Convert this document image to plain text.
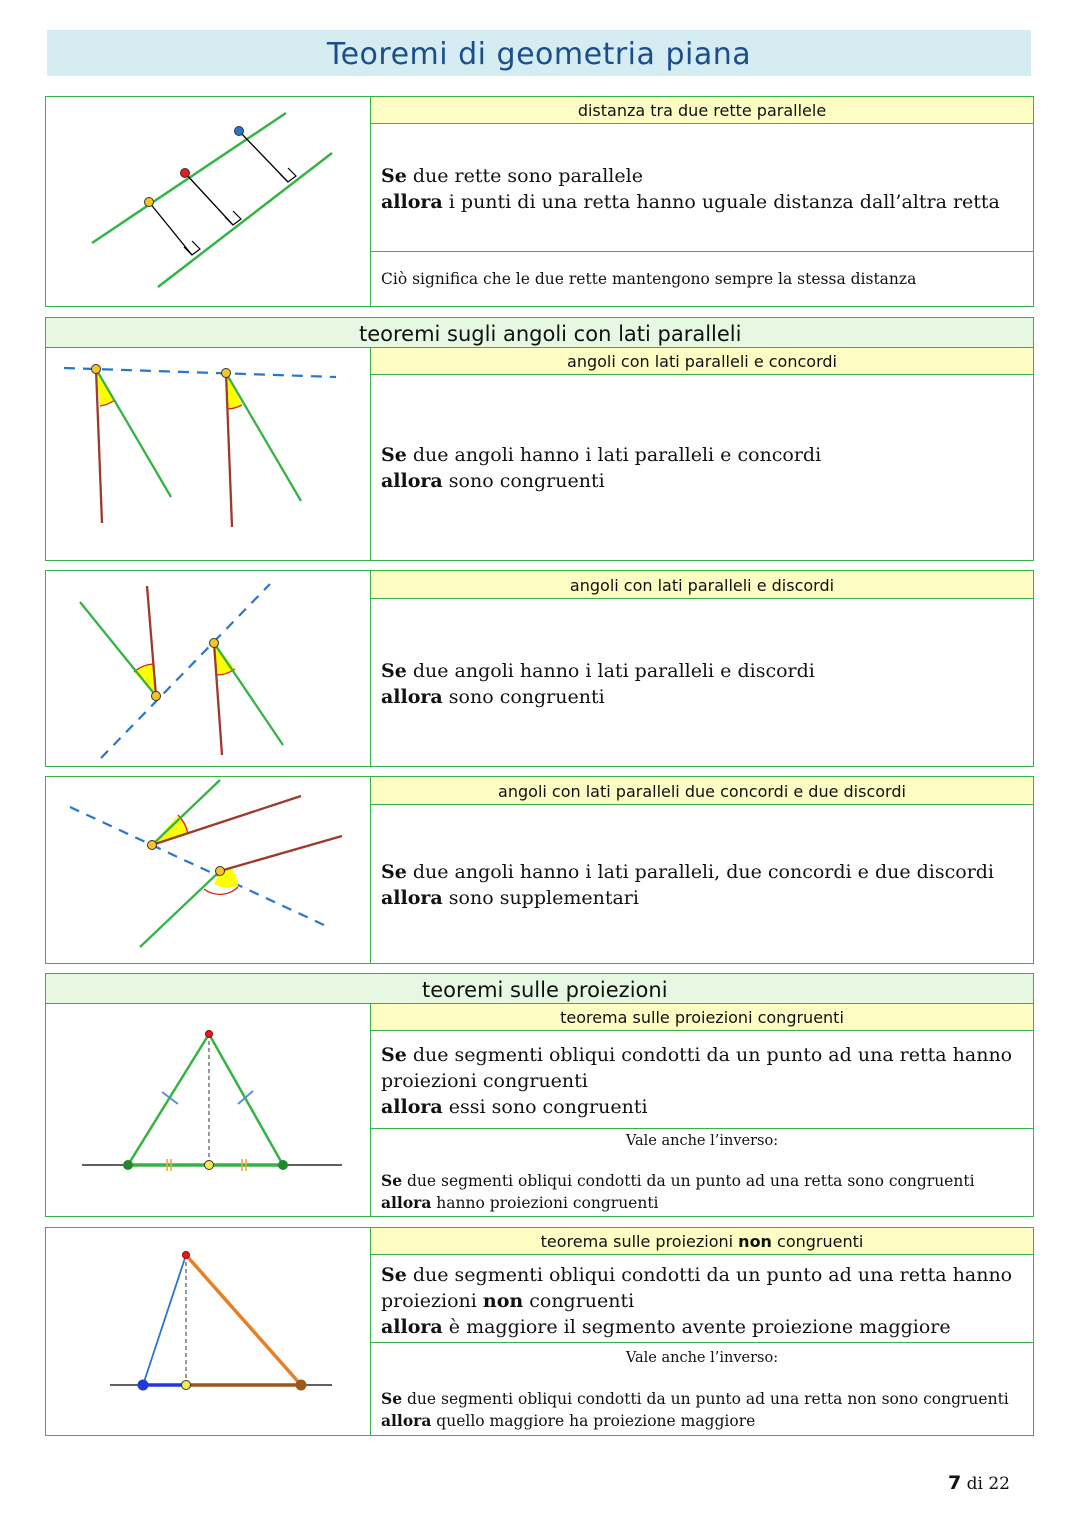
Teoremi di geometria piana
distanza tra due rette parallele
Se due rette sono parallele
allora i punti di una retta hanno uguale distanza dall’altra retta
Ciò significa che le due rette mantengono sempre la stessa distanza
teoremi sugli angoli con lati paralleli
angoli con lati paralleli e concordi
Se due angoli hanno i lati paralleli e concordi
allora sono congruenti
angoli con lati paralleli e discordi
Se due angoli hanno i lati paralleli e discordi
allora sono congruenti
angoli con lati paralleli due concordi e due discordi
Se due angoli hanno i lati paralleli, due concordi e due discordi
allora sono supplementari
teoremi sulle proiezioni
teorema sulle proiezioni congruenti
Se due segmenti obliqui condotti da un punto ad una retta hanno proiezioni congruenti
allora essi sono congruenti
Vale anche l’inverso:
Se due segmenti obliqui condotti da un punto ad una retta sono congruenti
allora hanno proiezioni congruenti
teorema sulle proiezioni non congruenti
Se due segmenti obliqui condotti da un punto ad una retta hanno
proiezioni non congruenti
allora è maggiore il segmento avente proiezione maggiore
Vale anche l’inverso:
Se due segmenti obliqui condotti da un punto ad una retta non sono congruenti
allora quello maggiore ha proiezione maggiore
7 di 22
